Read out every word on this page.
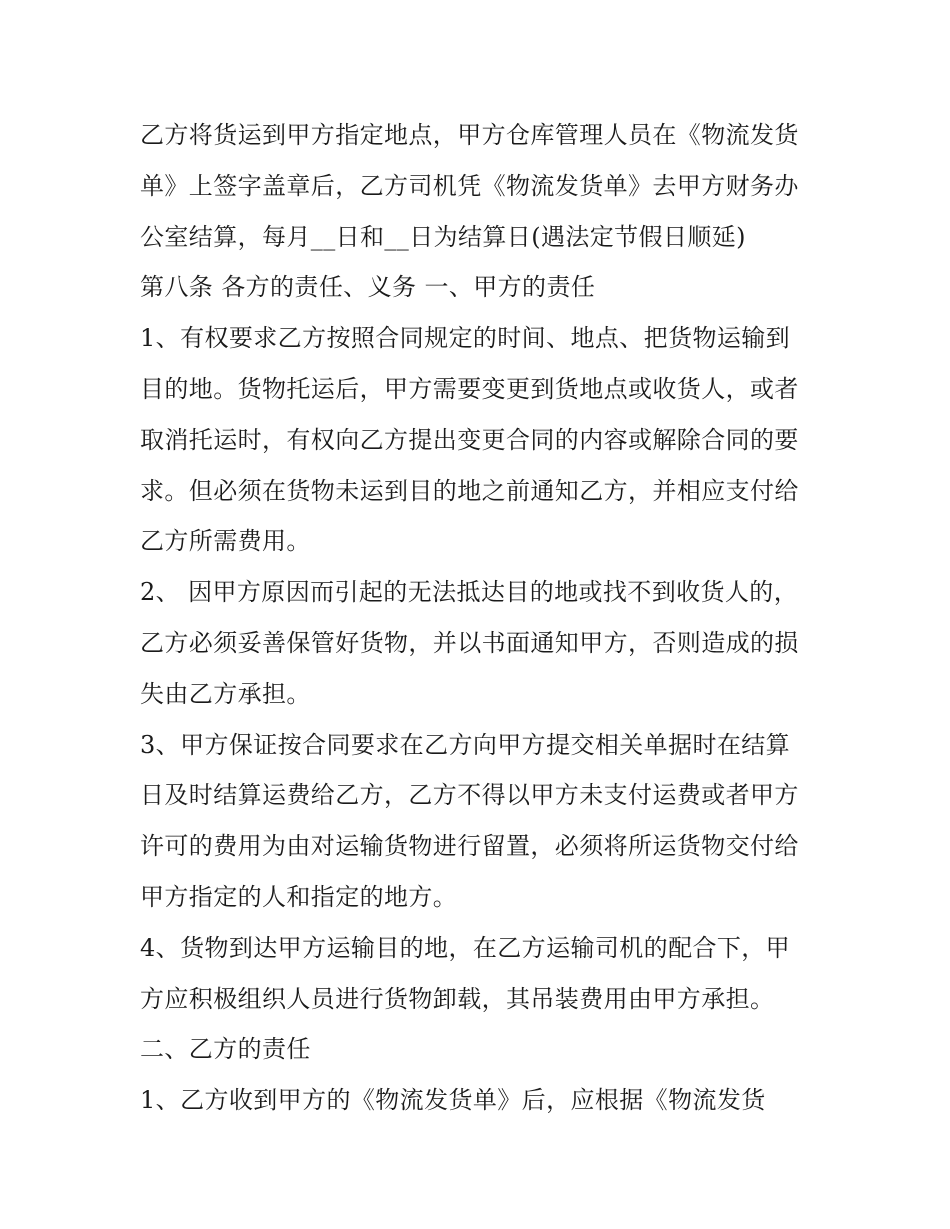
乙方将货运到甲方指定地点，甲方仓库管理人员在《物流发货
单》上签字盖章后，乙方司机凭《物流发货单》去甲方财务办
公室结算，每月__日和__日为结算日(遇法定节假日顺延)
第八条 各方的责任、义务 一、甲方的责任
1、有权要求乙方按照合同规定的时间、地点、把货物运输到
目的地。货物托运后，甲方需要变更到货地点或收货人，或者
取消托运时，有权向乙方提出变更合同的内容或解除合同的要
求。但必须在货物未运到目的地之前通知乙方，并相应支付给
乙方所需费用。
2、 因甲方原因而引起的无法抵达目的地或找不到收货人的，
乙方必须妥善保管好货物，并以书面通知甲方，否则造成的损
失由乙方承担。
3、甲方保证按合同要求在乙方向甲方提交相关单据时在结算
日及时结算运费给乙方，乙方不得以甲方未支付运费或者甲方
许可的费用为由对运输货物进行留置，必须将所运货物交付给
甲方指定的人和指定的地方。
4、货物到达甲方运输目的地，在乙方运输司机的配合下，甲
方应积极组织人员进行货物卸载，其吊装费用由甲方承担。
二、乙方的责任
1、乙方收到甲方的《物流发货单》后，应根据《物流发货
